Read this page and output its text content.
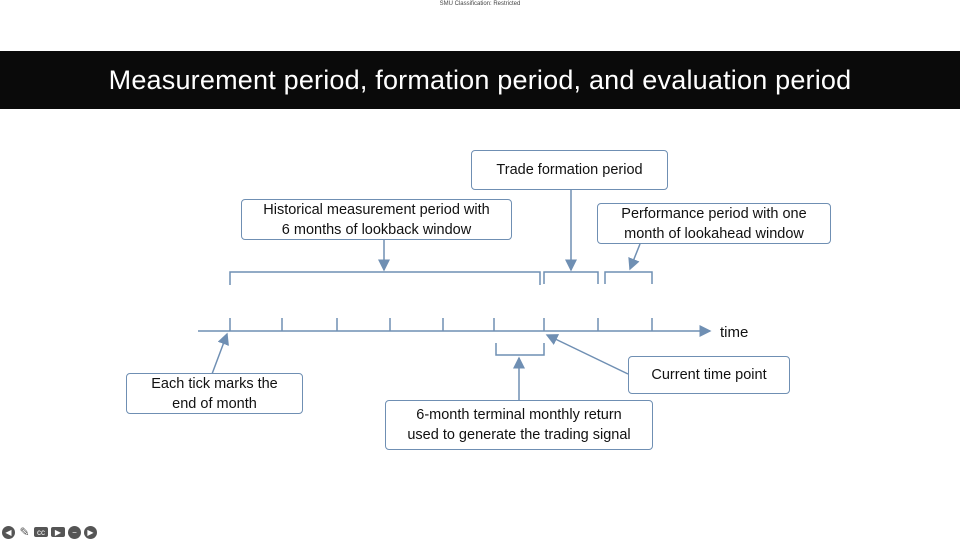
SMU Classification: Restricted
Measurement period, formation period, and evaluation period
Trade formation period
Historical measurement period with
6 months of lookback window
Performance period with one
month of lookahead window
time
Each tick marks the
end of month
Current time point
6-month terminal monthly return
used to generate the trading signal
◀ ✎ cc	▶	−	▶
